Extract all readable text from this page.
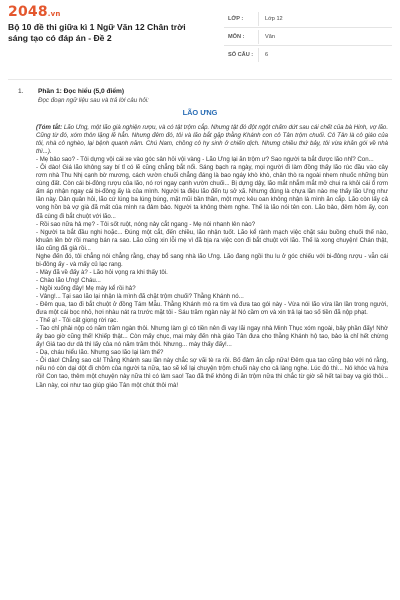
2048.vn
Bộ 10 đề thi giữa kì 1 Ngữ Văn 12 Chân trời sáng tạo có đáp án - Đề 2
LỚP :	Lớp 12
MÔN :	Văn
SỐ CÂU :	6
1. Phần 1: Đọc hiểu (5,0 điểm)
Đọc đoạn ngữ liệu sau và trả lời câu hỏi:
LÃO ƯNG

(Tóm tắt: Lão Ưng, một lão già nghiện rượu, và có tật trộm cắp. Nhưng tật đó đột ngột chấm dứt sau cái chết của bà Hinh, vợ lão. Cũng từ đó, xóm thôn lặng lẽ hẳn. Nhưng đêm đó, tôi và lão bắt gặp thằng Khánh con cô Tân trộm chuối. Cô Tân là cô giáo của tôi, nhà cô nghèo, lại bệnh quanh năm. Chú Nam, chồng cô hy sinh ở chiến dịch. Nhưng chiều thứ bảy, tôi vừa khăn gói về nhà thì...).

- Mẹ bảo sao? - Tôi dựng vội cái xe vào góc sân hỏi vội vàng - Lão Ưng lại ăn trộm ư? Sao người ta bắt được lão nhỉ? Con...

- Ôi dào! Giá lão không say bí tỉ có lẽ cũng chẳng bắt nổi. Sáng bạch ra ngày, mọi người đi làm đồng thấy lão rúc đầu vào cây rơm nhà Thu Nhị cạnh bờ mương, cách vườn chuối chẳng đáng là bao ngáy khò khò, chân thò ra ngoài nhem nhuốc những bùn cùng đất. Còn cái bi-đông rượu của lão, nó rơi ngay cạnh vườn chuối... Bị dựng dậy, lão mắt nhắm mắt mở chui ra khỏi cái ổ rơm ấm áp nhận ngay cái bi-đông ấy là của mình. Người ta điệu lão đến tụ sở xã. Nhưng đúng là chựa lần nào mẹ thấy lão Ưng như lần này. Dân quân hỏi, lão cứ lúng ba lúng búng, mặt mũi bần thần, một mực kêu oan không nhận là mình ăn cắp. Lão còn lấy cả vong hồn bà vợ già đã mất của mình ra đảm bảo. Người ta không thèm nghe. Thế là lão nói tên con. Lão bảo, đêm hôm ấy, con đã cùng đi bắt chuột với lão...

- Rồi sao nữa hả mẹ? - Tôi sốt ruột, nóng nảy cắt ngang - Mẹ nói nhanh lên nào?

- Người ta bắt đầu nghi hoặc... Đúng một cắt, đến chiều, lão nhận tuốt. Lão kể rành mạch việc chặt sáu buồng chuối thế nào, khuân lên bờ rồi mang bán ra sao. Lão cũng xin lỗi mẹ vì đã bịa ra việc con đi bắt chuột với lão. Thế là xong chuyện! Chán thật, lão cũng đã già rồi...

Nghe đến đó, tôi chẳng nói chẳng rằng, chạy bổ sang nhà lão Ưng. Lão đang ngồi thu lu ở góc chiếu với bi-đông rượu - vẫn cái bi-đông ấy - và mấy củ lạc rang.

- Mày đã về đấy à? - Lão hỏi vọng ra khi thấy tôi.

- Chào lão Ưng! Cháu...

- Ngồi xuống đây! Mẹ mày kể rồi hả?

- Vâng!... Tại sao lão lại nhận là mình đã chặt trộm chuối? Thằng Khánh nó...

- Đêm qua, tao đi bắt chuột ở đồng Tám Mẫu. Thằng Khánh mò ra tìm và đưa tao gói này - Vừa nói lão vừa lần lần trong người, đưa một cái bọc nhỏ, hơi nhàu nát ra trước mặt tôi - Sáu trăm ngàn này à! Nó cầm ơn và xin trả lại tao số tiền đã nộp phạt.

- Thế ạ! - Tôi cất giọng rời rạc.

- Tao chỉ phải nộp có năm trăm ngàn thôi. Nhưng làm gì có tiền nên đi vay lãi ngay nhà Minh Thục xóm ngoài, bây phần đấy! Nhờ ấy bao giờ cũng thế! Khiếp thật... Còn mấy chục, mai mày đến nhà giáo Tân đưa cho thằng Khánh hộ tao, bảo là chỉ hết chừng ấy! Giá tao dư dả thì lấy của nó năm trăm thôi. Nhưng... mày thấy đấy!...

- Dạ, cháu hiểu lão. Nhưng sao lão lại làm thế?

- Ôi dào! Chẳng sao cả! Thằng Khánh sau lần này chắc sợ vãi tè ra rồi. Bố đảm ăn cắp nữa! Đêm qua tao cũng bảo với nó rằng, nếu nó còn dại dột đi chôm của người ta nữa, tao sẽ kể lại chuyện trộm chuối này cho cả làng nghe. Lúc đó thì... Nó khóc và hứa rồi! Con tao, thêm một chuyện này nữa thì có làm sao! Tao đã thế không đi ăn trộm nữa thì chắc từ giờ sẽ hết tai bay vạ gió thôi... Lần này, coi như tao giúp giáo Tân một chút thôi mà!
